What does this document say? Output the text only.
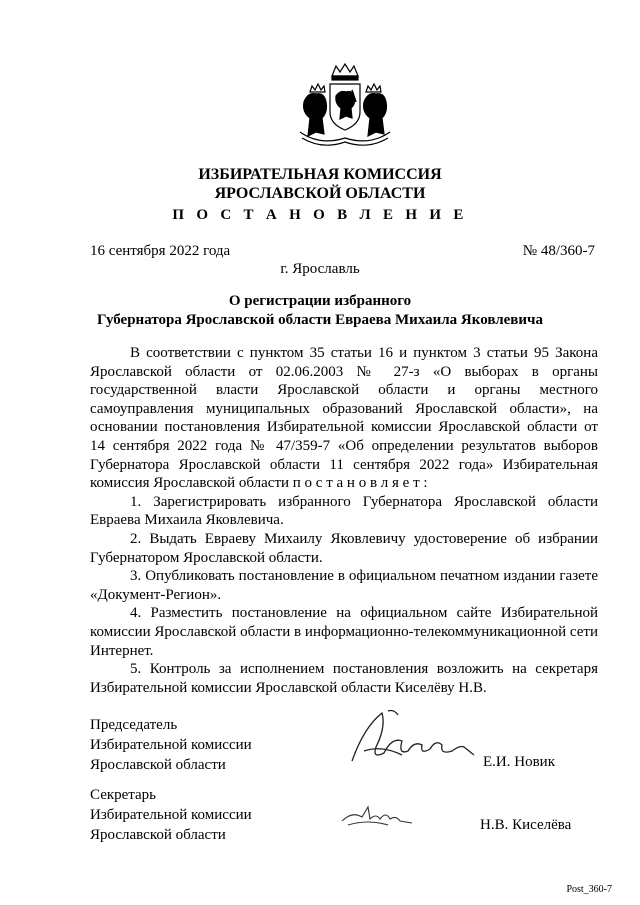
ИЗБИРАТЕЛЬНАЯ КОМИССИЯ
ЯРОСЛАВСКОЙ ОБЛАСТИ
П О С Т А Н О В Л Е Н И Е
16 сентября 2022 года	№ 48/360-7
г. Ярославль
О регистрации избранного
Губернатора Ярославской области Евраева Михаила Яковлевича

В соответствии с пунктом 35 статьи 16 и пунктом 3 статьи 95 Закона Ярославской области от 02.06.2003 № 27-з «О выборах в органы государственной власти Ярославской области и органы местного самоуправления муниципальных образований Ярославской области», на основании постановления Избирательной комиссии Ярославской области от 14 сентября 2022 года № 47/359-7 «Об определении результатов выборов Губернатора Ярославской области 11 сентября 2022 года» Избирательная комиссия Ярославской области п о с т а н о в л я е т :

1. Зарегистрировать избранного Губернатора Ярославской области Евраева Михаила Яковлевича.

2. Выдать Евраеву Михаилу Яковлевичу удостоверение об избрании Губернатором Ярославской области.

3. Опубликовать постановление в официальном печатном издании газете «Документ-Регион».

4. Разместить постановление на официальном сайте Избирательной комиссии Ярославской области в информационно-телекоммуникационной сети Интернет.

5. Контроль за исполнением постановления возложить на секретаря Избирательной комиссии Ярославской области Киселёву Н.В.

Председатель
Избирательной комиссии
Ярославской области	Е.И. Новик
Секретарь
Избирательной комиссии
Ярославской области
Н.В. Киселёва
Post_360-7
